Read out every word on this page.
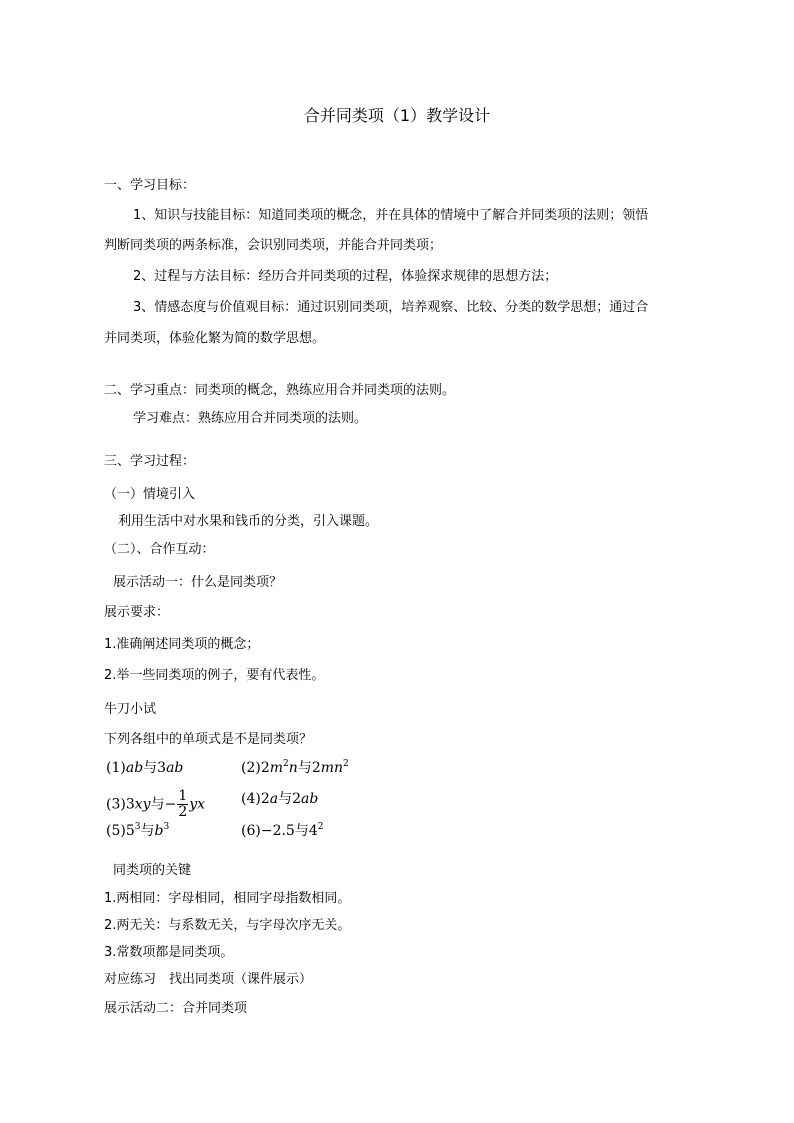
合并同类项（1）教学设计
一、学习目标：
1、知识与技能目标：知道同类项的概念，并在具体的情境中了解合并同类项的法则；领悟
判断同类项的两条标准，会识别同类项，并能合并同类项；
2、过程与方法目标：经历合并同类项的过程，体验探求规律的思想方法；
3、情感态度与价值观目标：通过识别同类项，培养观察、比较、分类的数学思想；通过合
并同类项，体验化繁为简的数学思想。
二、学习重点：同类项的概念，熟练应用合并同类项的法则。
学习难点：熟练应用合并同类项的法则。
三、学习过程：
（一）情境引入
利用生活中对水果和钱币的分类，引入课题。
（二）、合作互动：
展示活动一：什么是同类项？
展示要求：
1.准确阐述同类项的概念；
2.举一些同类项的例子，要有代表性。
牛刀小试
下列各组中的单项式是不是同类项？
(1)ab与3ab	$(2)2m^2n$与$2mn^2$
(3)3xy与− $\frac{1}{2}$ yx	(4)2a与2ab
$(5)5^3$与$b^3$	(6)−2.5与$4^2$
同类项的关键
1.两相同：字母相同，相同字母指数相同。
2.两无关：与系数无关，与字母次序无关。
3.常数项都是同类项。
对应练习　找出同类项（课件展示）
展示活动二：合并同类项
